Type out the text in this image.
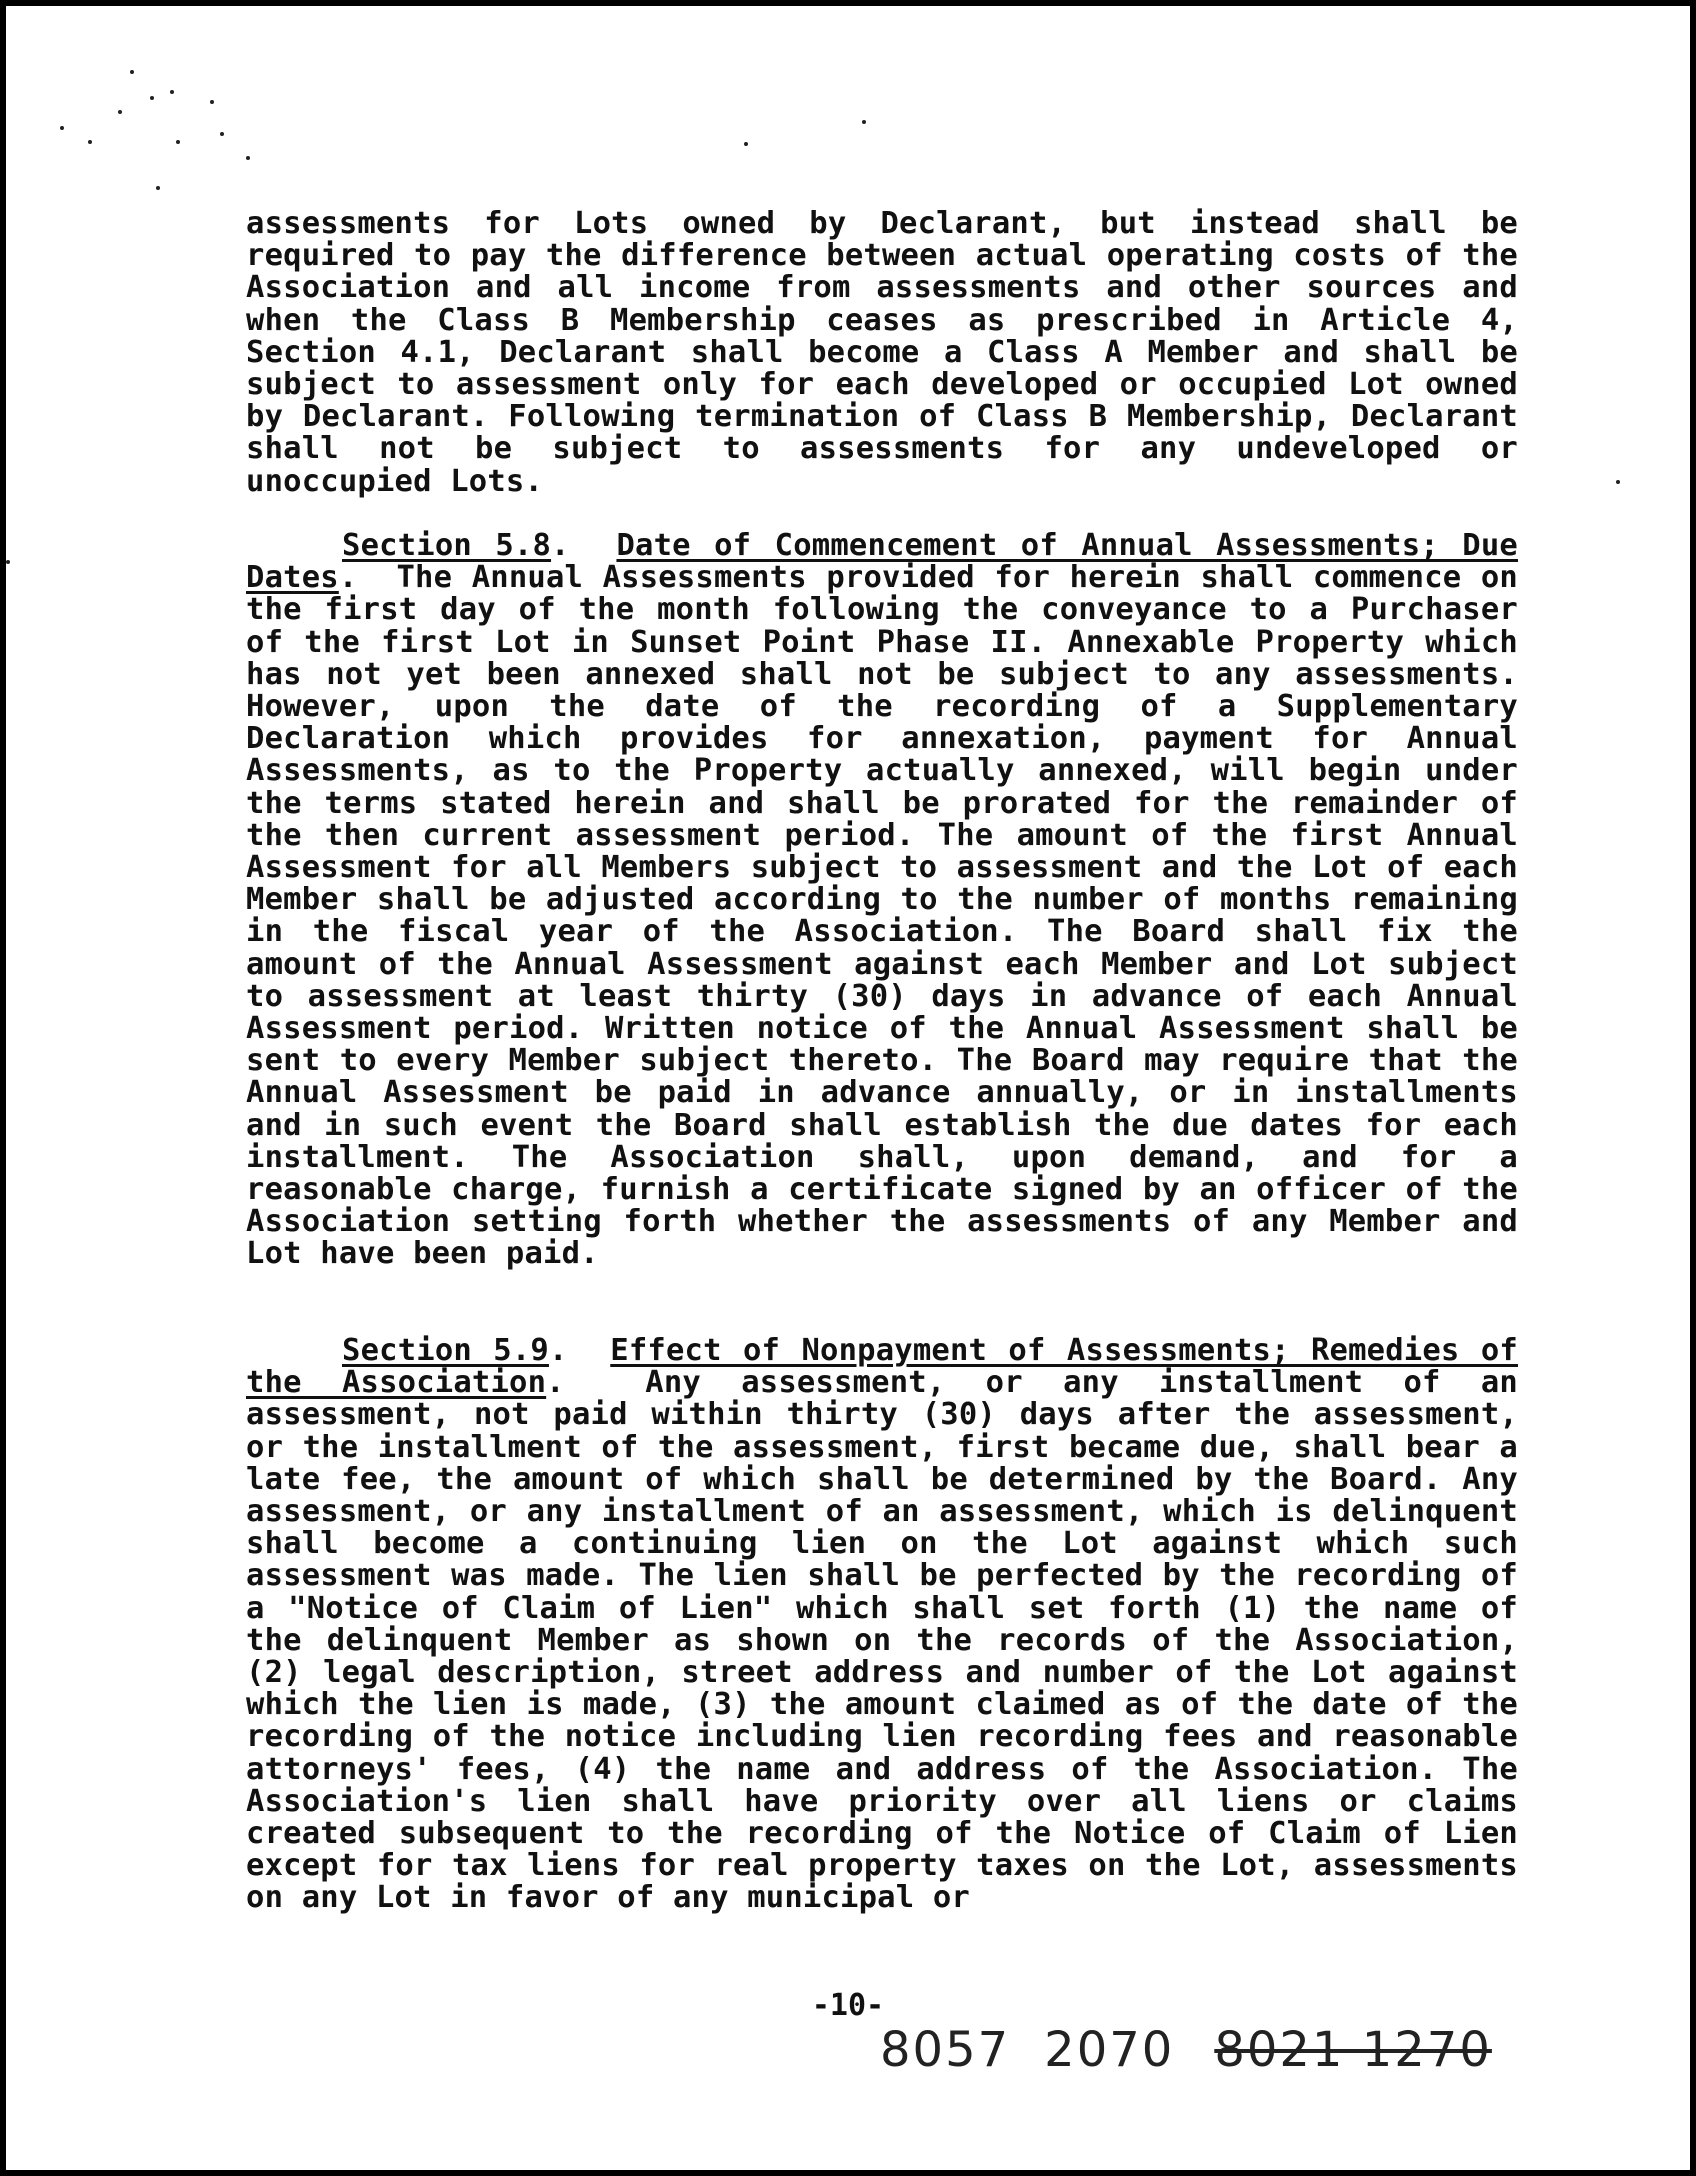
assessments for Lots owned by Declarant, but instead shall be required to pay the difference between actual operating costs of the Association and all income from assessments and other sources and when the Class B Membership ceases as prescribed in Article 4, Section 4.1, Declarant shall become a Class A Member and shall be subject to assessment only for each developed or occupied Lot owned by Declarant. Following termination of Class B Membership, Declarant shall not be subject to assessments for any undeveloped or unoccupied Lots.

Section 5.8.  Date of Commencement of Annual Assessments; Due Dates.  The Annual Assessments provided for herein shall commence on the first day of the month following the conveyance to a Purchaser of the first Lot in Sunset Point Phase II. Annexable Property which has not yet been annexed shall not be subject to any assessments. However, upon the date of the recording of a Supplementary Declaration which provides for annexation, payment for Annual Assessments, as to the Property actually annexed, will begin under the terms stated herein and shall be prorated for the remainder of the then current assessment period. The amount of the first Annual Assessment for all Members subject to assessment and the Lot of each Member shall be adjusted according to the number of months remaining in the fiscal year of the Association. The Board shall fix the amount of the Annual Assessment against each Member and Lot subject to assessment at least thirty (30) days in advance of each Annual Assessment period. Written notice of the Annual Assessment shall be sent to every Member subject thereto. The Board may require that the Annual Assessment be paid in advance annually, or in installments and in such event the Board shall establish the due dates for each installment. The Association shall, upon demand, and for a reasonable charge, furnish a certificate signed by an officer of the Association setting forth whether the assessments of any Member and Lot have been paid.

Section 5.9.  Effect of Nonpayment of Assessments; Remedies of the Association.  Any assessment, or any installment of an assessment, not paid within thirty (30) days after the assessment, or the installment of the assessment, first became due, shall bear a late fee, the amount of which shall be determined by the Board. Any assessment, or any installment of an assessment, which is delinquent shall become a continuing lien on the Lot against which such assessment was made. The lien shall be perfected by the recording of a "Notice of Claim of Lien" which shall set forth (1) the name of the delinquent Member as shown on the records of the Association, (2) legal description, street address and number of the Lot against which the lien is made, (3) the amount claimed as of the date of the recording of the notice including lien recording fees and reasonable attorneys' fees, (4) the name and address of the Association. The Association's lien shall have priority over all liens or claims created subsequent to the recording of the Notice of Claim of Lien except for tax liens for real property taxes on the Lot, assessments on any Lot in favor of any municipal or

-10-
8057 2070 8021 1270
